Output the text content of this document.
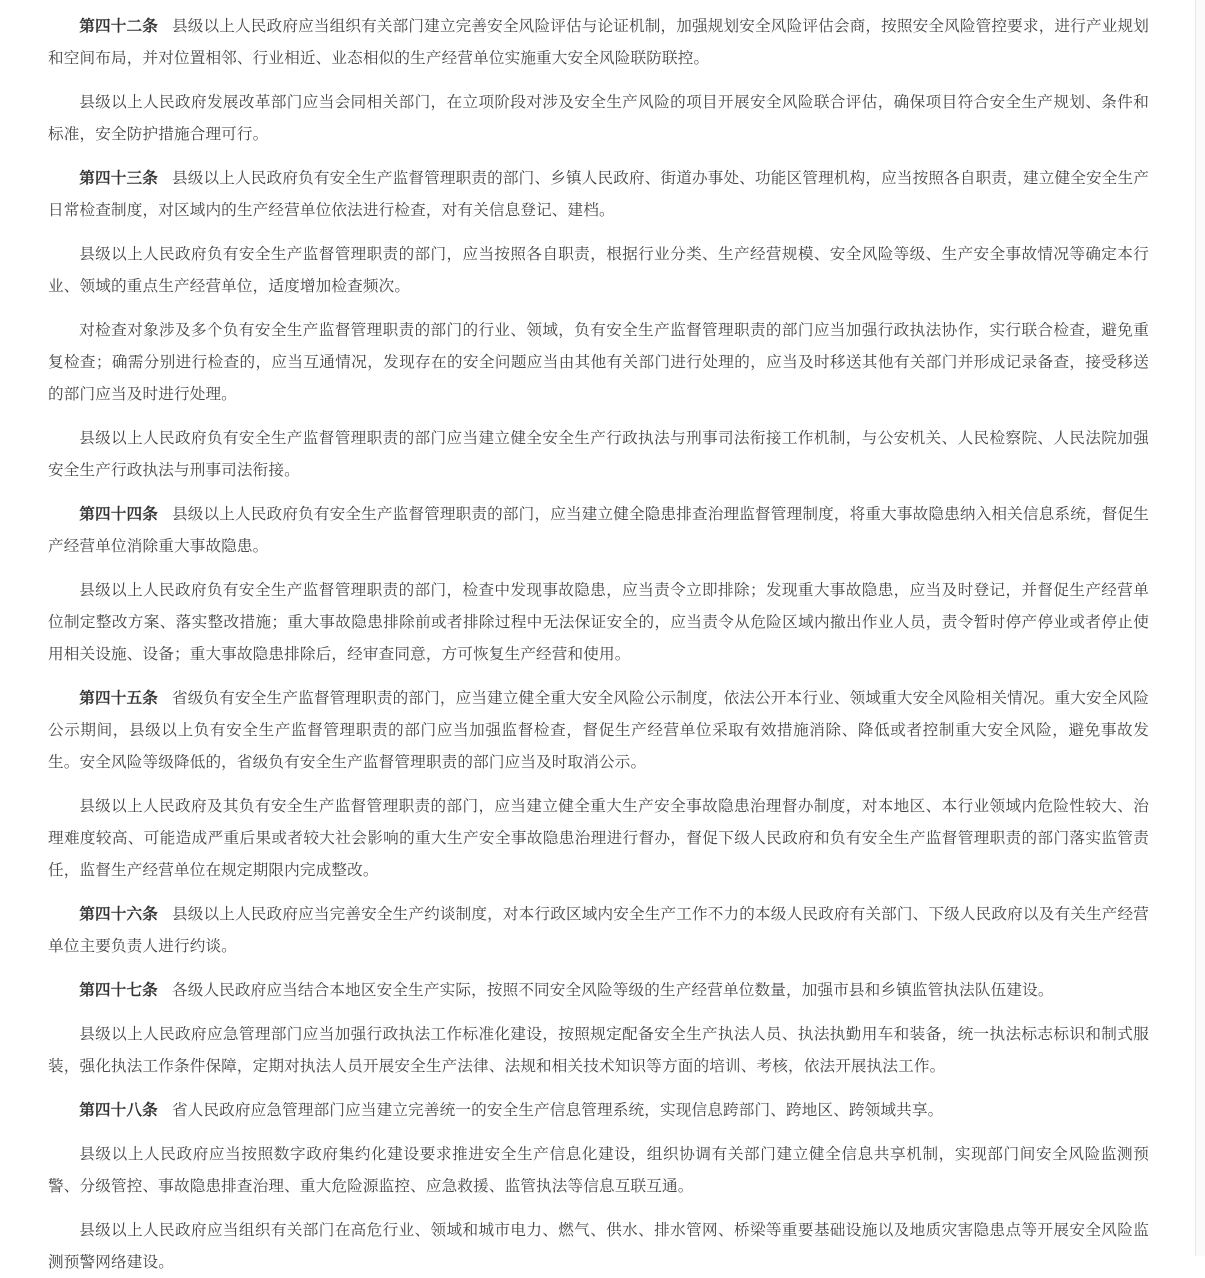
第四十二条 县级以上人民政府应当组织有关部门建立完善安全风险评估与论证机制，加强规划安全风险评估会商，按照安全风险管控要求，进行产业规划和空间布局，并对位置相邻、行业相近、业态相似的生产经营单位实施重大安全风险联防联控。

县级以上人民政府发展改革部门应当会同相关部门，在立项阶段对涉及安全生产风险的项目开展安全风险联合评估，确保项目符合安全生产规划、条件和标准，安全防护措施合理可行。

第四十三条 县级以上人民政府负有安全生产监督管理职责的部门、乡镇人民政府、街道办事处、功能区管理机构，应当按照各自职责，建立健全安全生产日常检查制度，对区域内的生产经营单位依法进行检查，对有关信息登记、建档。

县级以上人民政府负有安全生产监督管理职责的部门，应当按照各自职责，根据行业分类、生产经营规模、安全风险等级、生产安全事故情况等确定本行业、领域的重点生产经营单位，适度增加检查频次。

对检查对象涉及多个负有安全生产监督管理职责的部门的行业、领域，负有安全生产监督管理职责的部门应当加强行政执法协作，实行联合检查，避免重复检查；确需分别进行检查的，应当互通情况，发现存在的安全问题应当由其他有关部门进行处理的，应当及时移送其他有关部门并形成记录备查，接受移送的部门应当及时进行处理。

县级以上人民政府负有安全生产监督管理职责的部门应当建立健全安全生产行政执法与刑事司法衔接工作机制，与公安机关、人民检察院、人民法院加强安全生产行政执法与刑事司法衔接。

第四十四条 县级以上人民政府负有安全生产监督管理职责的部门，应当建立健全隐患排查治理监督管理制度，将重大事故隐患纳入相关信息系统，督促生产经营单位消除重大事故隐患。

县级以上人民政府负有安全生产监督管理职责的部门，检查中发现事故隐患，应当责令立即排除；发现重大事故隐患，应当及时登记，并督促生产经营单位制定整改方案、落实整改措施；重大事故隐患排除前或者排除过程中无法保证安全的，应当责令从危险区域内撤出作业人员，责令暂时停产停业或者停止使用相关设施、设备；重大事故隐患排除后，经审查同意，方可恢复生产经营和使用。

第四十五条 省级负有安全生产监督管理职责的部门，应当建立健全重大安全风险公示制度，依法公开本行业、领域重大安全风险相关情况。重大安全风险公示期间，县级以上负有安全生产监督管理职责的部门应当加强监督检查，督促生产经营单位采取有效措施消除、降低或者控制重大安全风险，避免事故发生。安全风险等级降低的，省级负有安全生产监督管理职责的部门应当及时取消公示。

县级以上人民政府及其负有安全生产监督管理职责的部门，应当建立健全重大生产安全事故隐患治理督办制度，对本地区、本行业领域内危险性较大、治理难度较高、可能造成严重后果或者较大社会影响的重大生产安全事故隐患治理进行督办，督促下级人民政府和负有安全生产监督管理职责的部门落实监管责任，监督生产经营单位在规定期限内完成整改。

第四十六条 县级以上人民政府应当完善安全生产约谈制度，对本行政区域内安全生产工作不力的本级人民政府有关部门、下级人民政府以及有关生产经营单位主要负责人进行约谈。

第四十七条 各级人民政府应当结合本地区安全生产实际，按照不同安全风险等级的生产经营单位数量，加强市县和乡镇监管执法队伍建设。

县级以上人民政府应急管理部门应当加强行政执法工作标准化建设，按照规定配备安全生产执法人员、执法执勤用车和装备，统一执法标志标识和制式服装，强化执法工作条件保障，定期对执法人员开展安全生产法律、法规和相关技术知识等方面的培训、考核，依法开展执法工作。

第四十八条 省人民政府应急管理部门应当建立完善统一的安全生产信息管理系统，实现信息跨部门、跨地区、跨领域共享。

县级以上人民政府应当按照数字政府集约化建设要求推进安全生产信息化建设，组织协调有关部门建立健全信息共享机制，实现部门间安全风险监测预警、分级管控、事故隐患排查治理、重大危险源监控、应急救援、监管执法等信息互联互通。

县级以上人民政府应当组织有关部门在高危行业、领域和城市电力、燃气、供水、排水管网、桥梁等重要基础设施以及地质灾害隐患点等开展安全风险监测预警网络建设。
